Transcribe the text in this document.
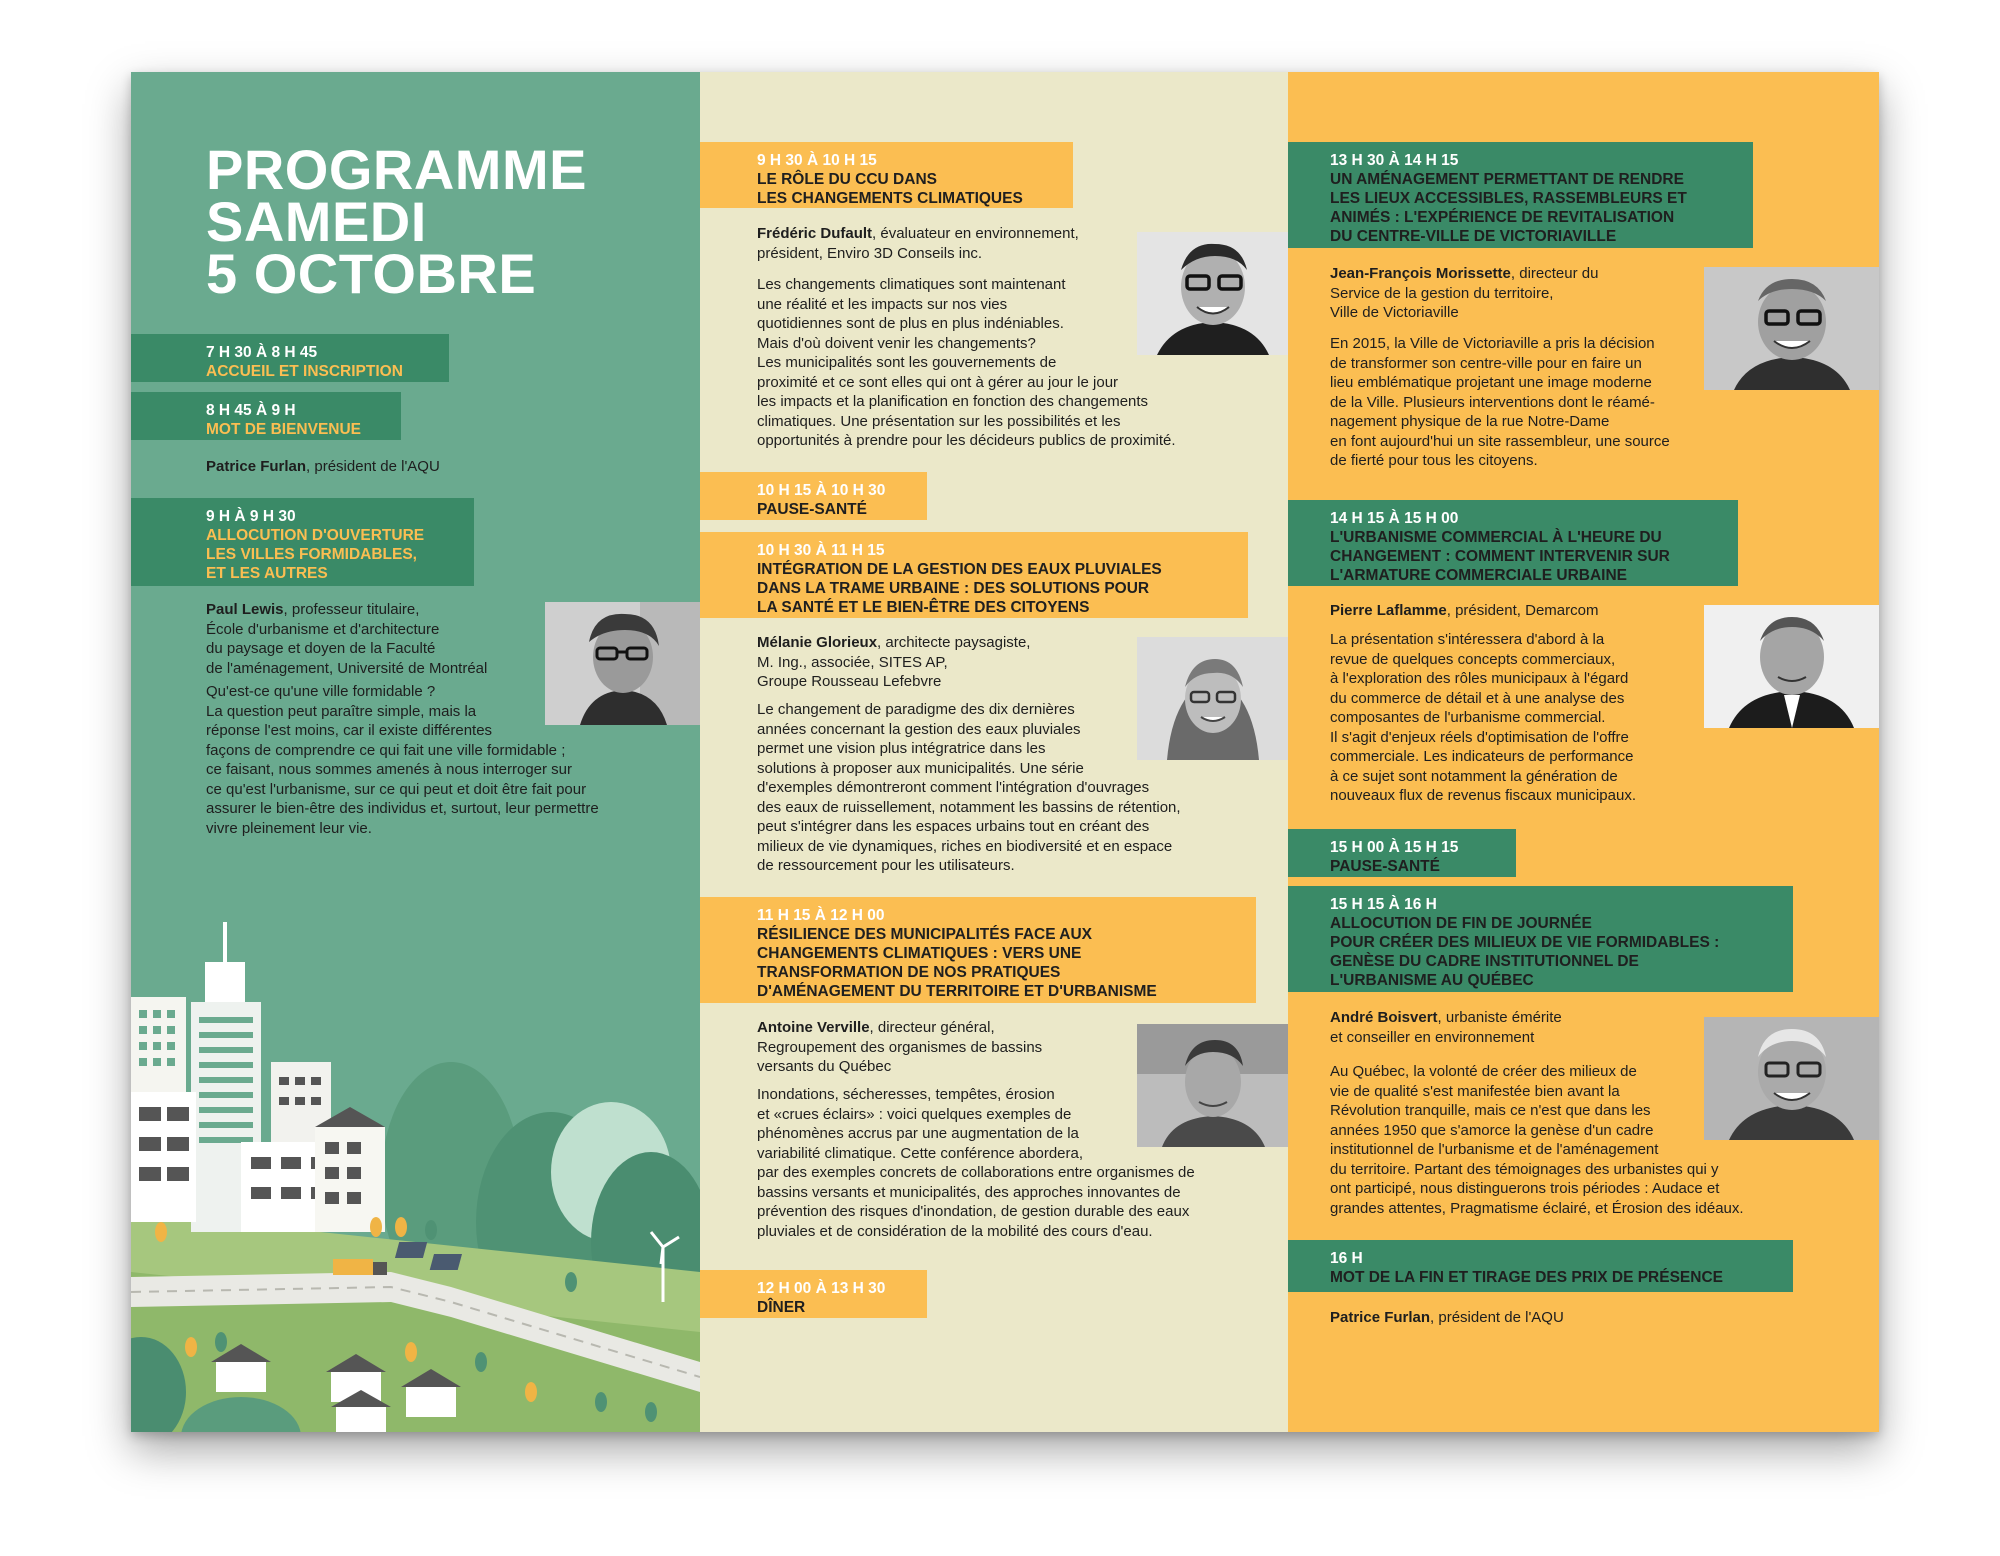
PROGRAMME
SAMEDI
5 OCTOBRE
7 H 30 À 8 H 45
ACCUEIL ET INSCRIPTION
8 H 45 À 9 H
MOT DE BIENVENUE
Patrice Furlan, président de l'AQU
9 H À 9 H 30
ALLOCUTION D'OUVERTURE
LES VILLES FORMIDABLES,
ET LES AUTRES
Paul Lewis, professeur titulaire,
École d'urbanisme et d'architecture
du paysage et doyen de la Faculté
de l'aménagement, Université de Montréal
Qu'est-ce qu'une ville formidable ?
La question peut paraître simple, mais la
réponse l'est moins, car il existe différentes
façons de comprendre ce qui fait une ville formidable ;
ce faisant, nous sommes amenés à nous interroger sur
ce qu'est l'urbanisme, sur ce qui peut et doit être fait pour
assurer le bien-être des individus et, surtout, leur permettre
vivre pleinement leur vie.
9 H 30 À 10 H 15
LE RÔLE DU CCU DANS
LES CHANGEMENTS CLIMATIQUES
Frédéric Dufault, évaluateur en environnement,
président, Enviro 3D Conseils inc.
Les changements climatiques sont maintenant
une réalité et les impacts sur nos vies
quotidiennes sont de plus en plus indéniables.
Mais d'où doivent venir les changements?
Les municipalités sont les gouvernements de
proximité et ce sont elles qui ont à gérer au jour le jour
les impacts et la planification en fonction des changements
climatiques. Une présentation sur les possibilités et les
opportunités à prendre pour les décideurs publics de proximité.
10 H 15 À 10 H 30
PAUSE-SANTÉ
10 H 30 À 11 H 15
INTÉGRATION DE LA GESTION DES EAUX PLUVIALES
DANS LA TRAME URBAINE : DES SOLUTIONS POUR
LA SANTÉ ET LE BIEN-ÊTRE DES CITOYENS
Mélanie Glorieux, architecte paysagiste,
M. Ing., associée, SITES AP,
Groupe Rousseau Lefebvre
Le changement de paradigme des dix dernières
années concernant la gestion des eaux pluviales
permet une vision plus intégratrice dans les
solutions à proposer aux municipalités. Une série
d'exemples démontreront comment l'intégration d'ouvrages
des eaux de ruissellement, notamment les bassins de rétention,
peut s'intégrer dans les espaces urbains tout en créant des
milieux de vie dynamiques, riches en biodiversité et en espace
de ressourcement pour les utilisateurs.
11 H 15 À 12 H 00
RÉSILIENCE DES MUNICIPALITÉS FACE AUX
CHANGEMENTS CLIMATIQUES : VERS UNE
TRANSFORMATION DE NOS PRATIQUES
D'AMÉNAGEMENT DU TERRITOIRE ET D'URBANISME
Antoine Verville, directeur général,
Regroupement des organismes de bassins
versants du Québec
Inondations, sécheresses, tempêtes, érosion
et «crues éclairs» : voici quelques exemples de
phénomènes accrus par une augmentation de la
variabilité climatique. Cette conférence abordera,
par des exemples concrets de collaborations entre organismes de
bassins versants et municipalités, des approches innovantes de
prévention des risques d'inondation, de gestion durable des eaux
pluviales et de considération de la mobilité des cours d'eau.
12 H 00 À 13 H 30
DÎNER
13 H 30 À 14 H 15
UN AMÉNAGEMENT PERMETTANT DE RENDRE
LES LIEUX ACCESSIBLES, RASSEMBLEURS ET
ANIMÉS : L'EXPÉRIENCE DE REVITALISATION
DU CENTRE-VILLE DE VICTORIAVILLE
Jean-François Morissette, directeur du
Service de la gestion du territoire,
Ville de Victoriaville
En 2015, la Ville de Victoriaville a pris la décision
de transformer son centre-ville pour en faire un
lieu emblématique projetant une image moderne
de la Ville. Plusieurs interventions dont le réamé-
nagement physique de la rue Notre-Dame
en font aujourd'hui un site rassembleur, une source
de fierté pour tous les citoyens.
14 H 15 À 15 H 00
L'URBANISME COMMERCIAL À L'HEURE DU
CHANGEMENT : COMMENT INTERVENIR SUR
L'ARMATURE COMMERCIALE URBAINE
Pierre Laflamme, président, Demarcom
La présentation s'intéressera d'abord à la
revue de quelques concepts commerciaux,
à l'exploration des rôles municipaux à l'égard
du commerce de détail et à une analyse des
composantes de l'urbanisme commercial.
Il s'agit d'enjeux réels d'optimisation de l'offre
commerciale. Les indicateurs de performance
à ce sujet sont notamment la génération de
nouveaux flux de revenus fiscaux municipaux.
15 H 00 À 15 H 15
PAUSE-SANTÉ
15 H 15 À 16 H
ALLOCUTION DE FIN DE JOURNÉE
POUR CRÉER DES MILIEUX DE VIE FORMIDABLES :
GENÈSE DU CADRE INSTITUTIONNEL DE
L'URBANISME AU QUÉBEC
André Boisvert, urbaniste émérite
et conseiller en environnement
Au Québec, la volonté de créer des milieux de
vie de qualité s'est manifestée bien avant la
Révolution tranquille, mais ce n'est que dans les
années 1950 que s'amorce la genèse d'un cadre
institutionnel de l'urbanisme et de l'aménagement
du territoire. Partant des témoignages des urbanistes qui y
ont participé, nous distinguerons trois périodes : Audace et
grandes attentes, Pragmatisme éclairé, et Érosion des idéaux.
16 H
MOT DE LA FIN ET TIRAGE DES PRIX DE PRÉSENCE
Patrice Furlan, président de l'AQU
